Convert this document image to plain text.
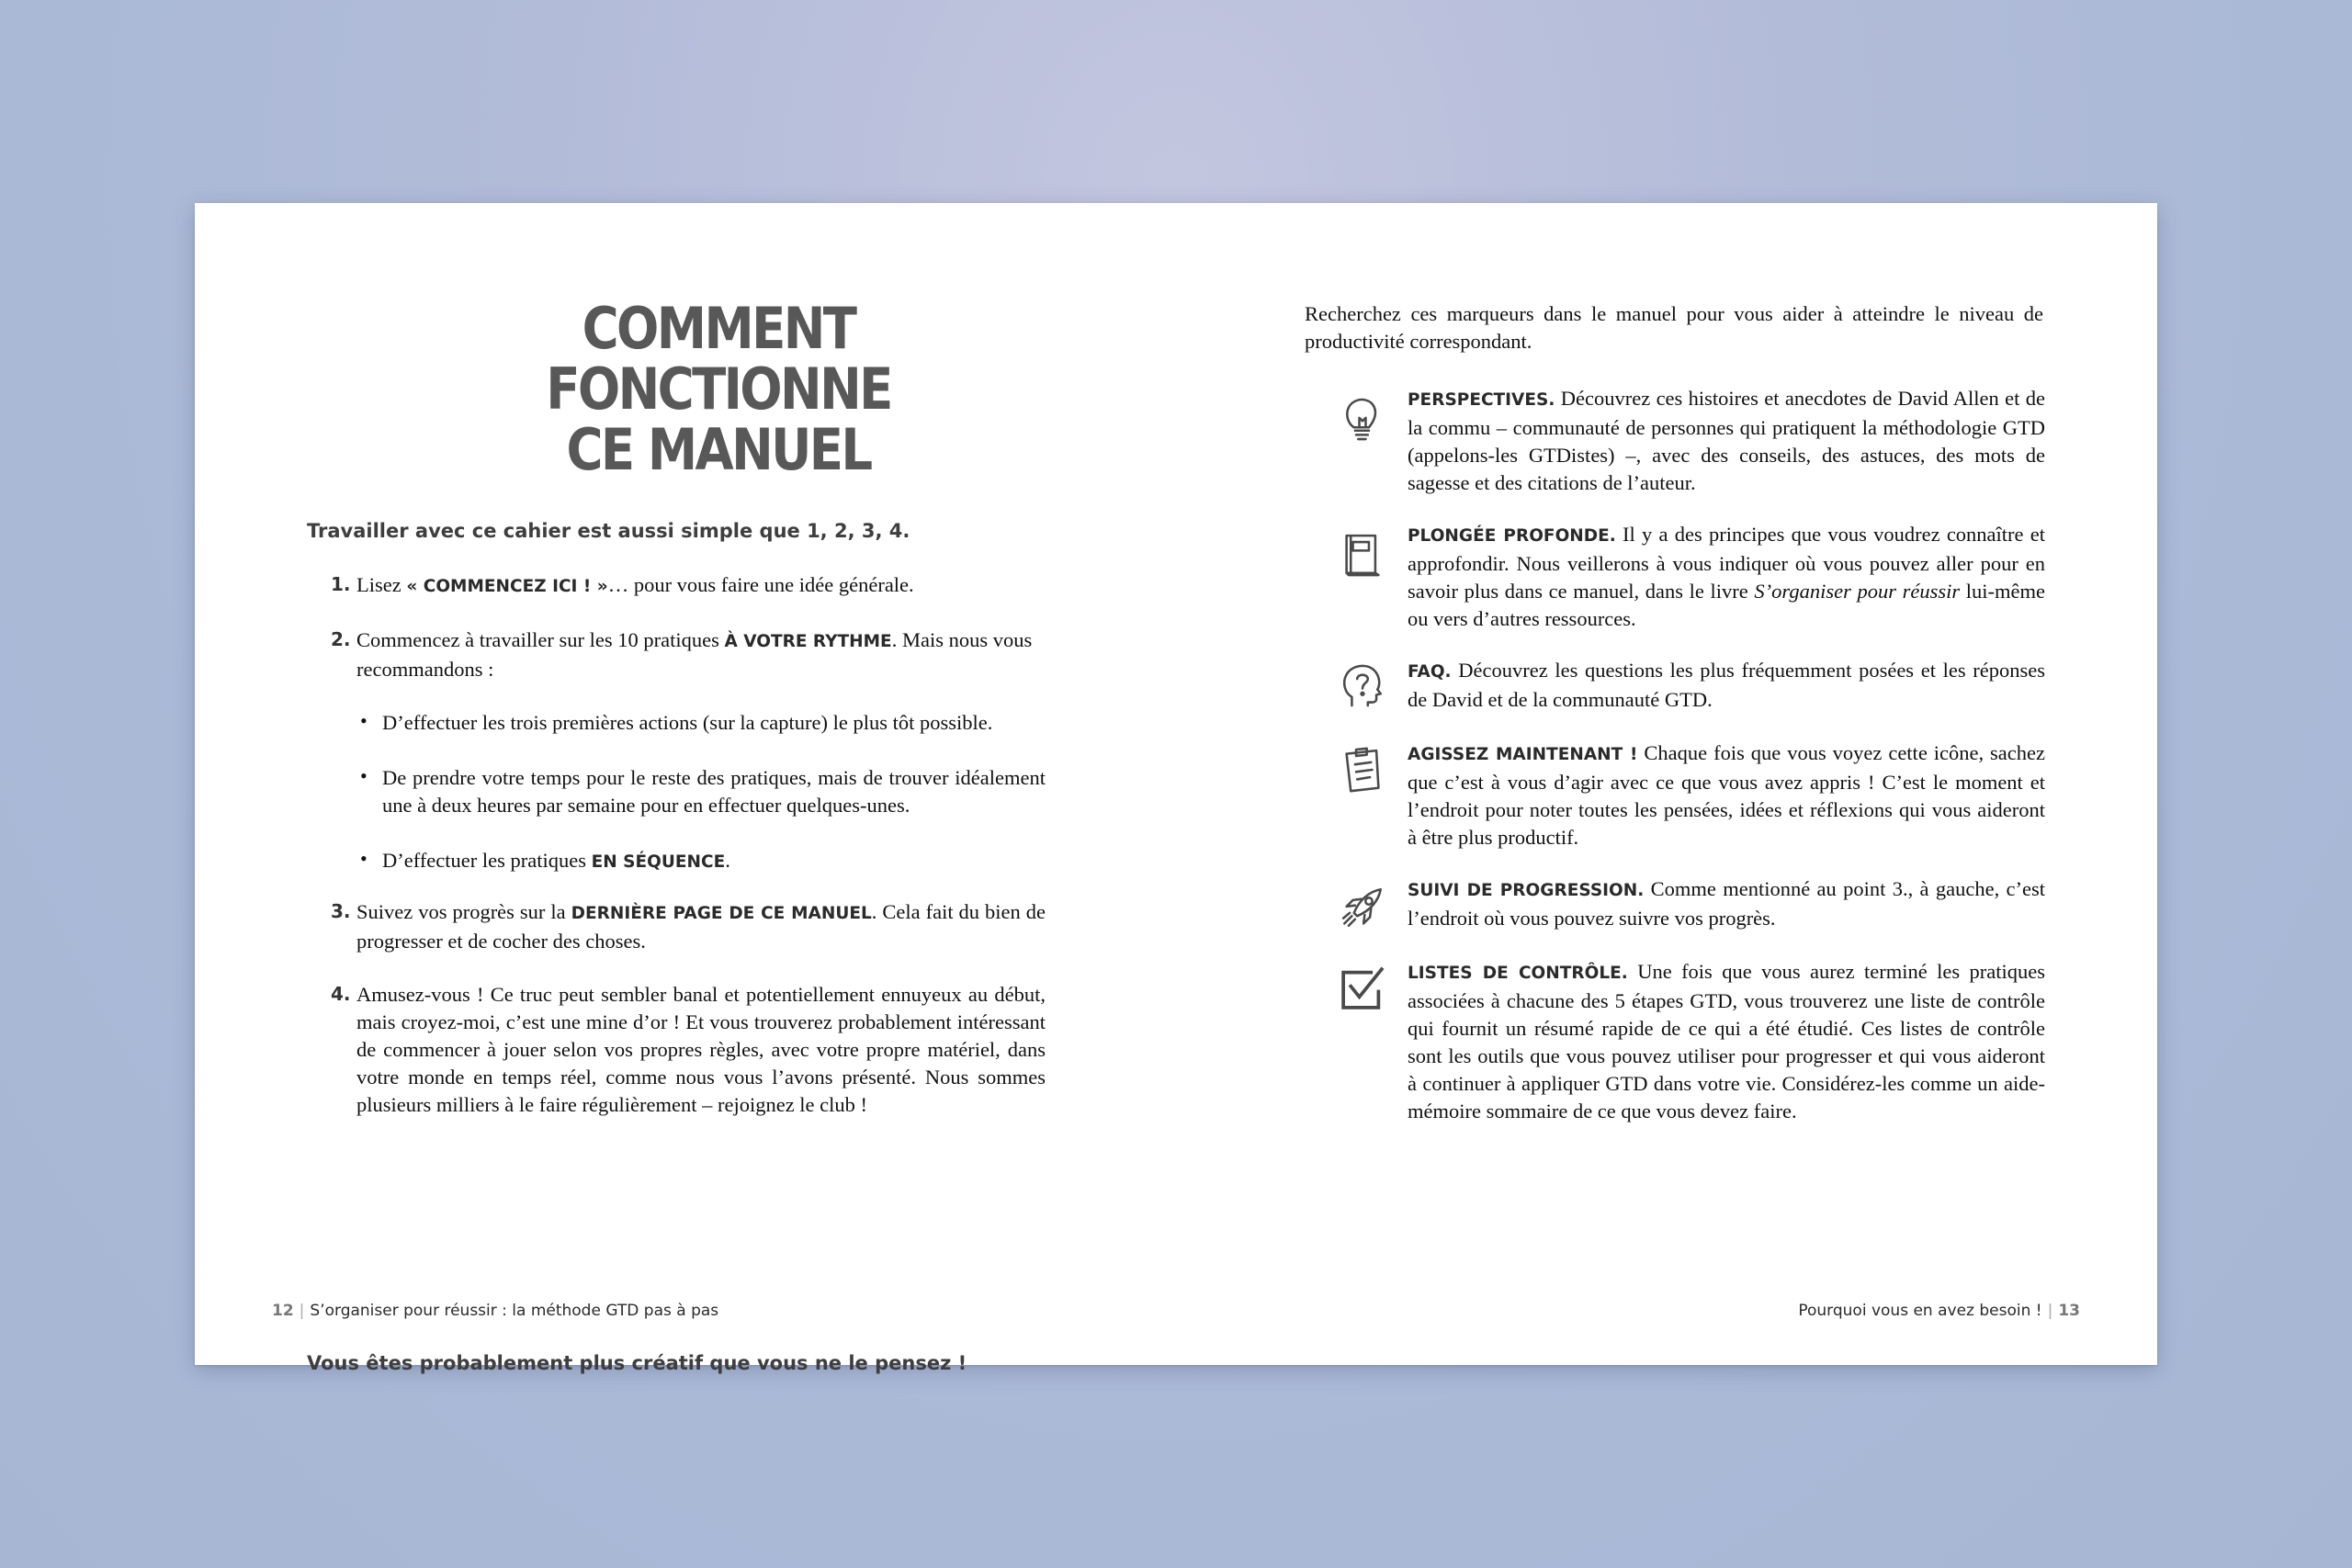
COMMENT FONCTIONNE
CE MANUEL

Travailler avec ce cahier est aussi simple que 1, 2, 3, 4.

1. Lisez « COMMENCEZ ICI ! »… pour vous faire une idée générale.
2. Commencez à travailler sur les 10 pratiques À VOTRE RYTHME. Mais nous vous recommandons :
• D’effectuer les trois premières actions (sur la capture) le plus tôt possible.
• De prendre votre temps pour le reste des pratiques, mais de trouver idéalement une à deux heures par semaine pour en effectuer quelques-unes.
• D’effectuer les pratiques EN SÉQUENCE.
3. Suivez vos progrès sur la DERNIÈRE PAGE DE CE MANUEL. Cela fait du bien de progresser et de cocher des choses.
4. Amusez-vous ! Ce truc peut sembler banal et potentiellement ennuyeux au début, mais croyez-moi, c’est une mine d’or ! Et vous trouverez probablement intéressant de commencer à jouer selon vos propres règles, avec votre propre matériel, dans votre monde en temps réel, comme nous vous l’avons présenté. Nous sommes plusieurs milliers à le faire régulièrement – rejoignez le club !

Vous êtes probablement plus créatif que vous ne le pensez !

12 | S’organiser pour réussir : la méthode GTD pas à pas
Recherchez ces marqueurs dans le manuel pour vous aider à atteindre le niveau de productivité correspondant.
PERSPECTIVES. Découvrez ces histoires et anecdotes de David Allen et de la commu – communauté de personnes qui pratiquent la méthodologie GTD (appelons-les GTDistes) –, avec des conseils, des astuces, des mots de sagesse et des citations de l’auteur.
PLONGÉE PROFONDE. Il y a des principes que vous voudrez connaître et approfondir. Nous veillerons à vous indiquer où vous pouvez aller pour en savoir plus dans ce manuel, dans le livre S’organiser pour réussir lui-même ou vers d’autres ressources.
FAQ. Découvrez les questions les plus fréquemment posées et les réponses de David et de la communauté GTD.
AGISSEZ MAINTENANT ! Chaque fois que vous voyez cette icône, sachez que c’est à vous d’agir avec ce que vous avez appris ! C’est le moment et l’endroit pour noter toutes les pensées, idées et réflexions qui vous aideront à être plus productif.
SUIVI DE PROGRESSION. Comme mentionné au point 3., à gauche, c’est l’endroit où vous pouvez suivre vos progrès.
LISTES DE CONTRÔLE. Une fois que vous aurez terminé les pratiques associées à chacune des 5 étapes GTD, vous trouverez une liste de contrôle qui fournit un résumé rapide de ce qui a été étudié. Ces listes de contrôle sont les outils que vous pouvez utiliser pour progresser et qui vous aideront à continuer à appliquer GTD dans votre vie. Considérez-les comme un aide-mémoire sommaire de ce que vous devez faire.
Pourquoi vous en avez besoin ! | 13
